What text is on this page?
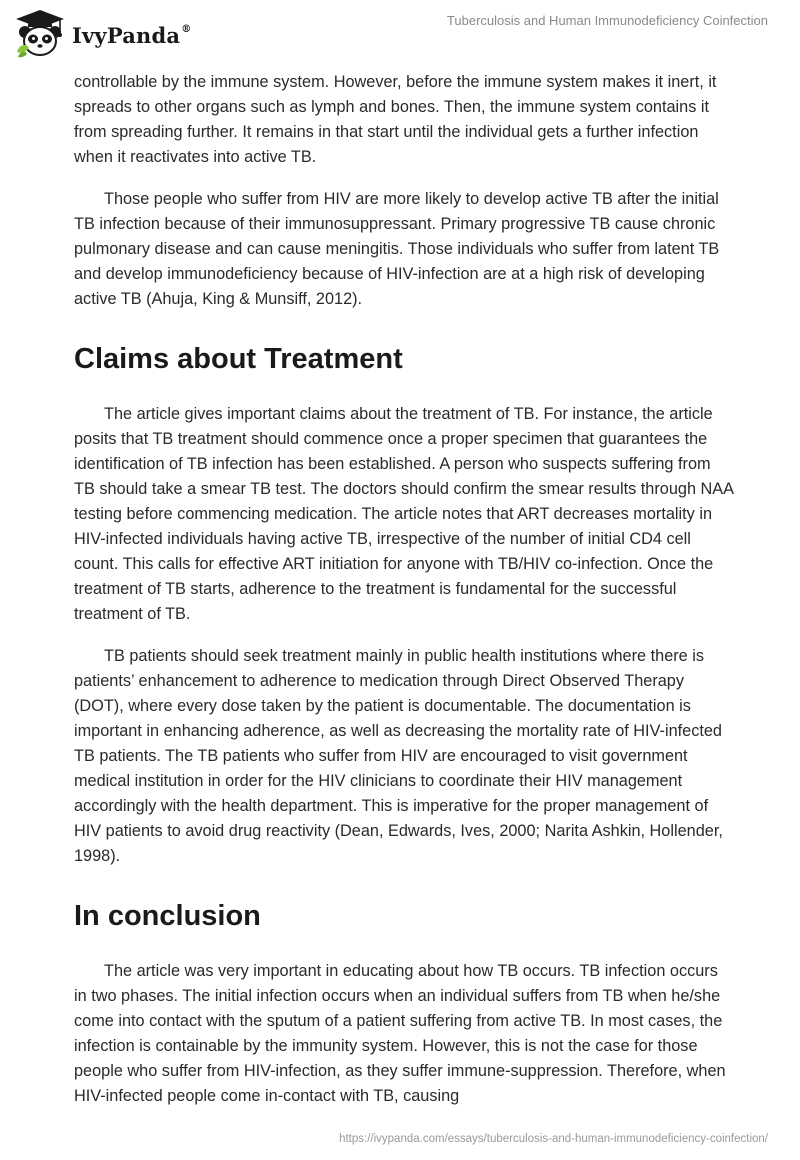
IvyPanda®
Tuberculosis and Human Immunodeficiency Coinfection

controllable by the immune system. However, before the immune system makes it inert, it spreads to other organs such as lymph and bones. Then, the immune system contains it from spreading further. It remains in that start until the individual gets a further infection when it reactivates into active TB.

Those people who suffer from HIV are more likely to develop active TB after the initial TB infection because of their immunosuppressant. Primary progressive TB cause chronic pulmonary disease and can cause meningitis. Those individuals who suffer from latent TB and develop immunodeficiency because of HIV-infection are at a high risk of developing active TB (Ahuja, King & Munsiff, 2012).

Claims about Treatment

The article gives important claims about the treatment of TB. For instance, the article posits that TB treatment should commence once a proper specimen that guarantees the identification of TB infection has been established. A person who suspects suffering from TB should take a smear TB test. The doctors should confirm the smear results through NAA testing before commencing medication. The article notes that ART decreases mortality in HIV-infected individuals having active TB, irrespective of the number of initial CD4 cell count. This calls for effective ART initiation for anyone with TB/HIV co-infection. Once the treatment of TB starts, adherence to the treatment is fundamental for the successful treatment of TB.

TB patients should seek treatment mainly in public health institutions where there is patients’ enhancement to adherence to medication through Direct Observed Therapy (DOT), where every dose taken by the patient is documentable. The documentation is important in enhancing adherence, as well as decreasing the mortality rate of HIV-infected TB patients. The TB patients who suffer from HIV are encouraged to visit government medical institution in order for the HIV clinicians to coordinate their HIV management accordingly with the health department. This is imperative for the proper management of HIV patients to avoid drug reactivity (Dean, Edwards, Ives, 2000; Narita Ashkin, Hollender, 1998).

In conclusion

The article was very important in educating about how TB occurs. TB infection occurs in two phases. The initial infection occurs when an individual suffers from TB when he/she come into contact with the sputum of a patient suffering from active TB. In most cases, the infection is containable by the immunity system. However, this is not the case for those people who suffer from HIV-infection, as they suffer immune-suppression. Therefore, when HIV-infected people come in-contact with TB, causing

https://ivypanda.com/essays/tuberculosis-and-human-immunodeficiency-coinfection/
